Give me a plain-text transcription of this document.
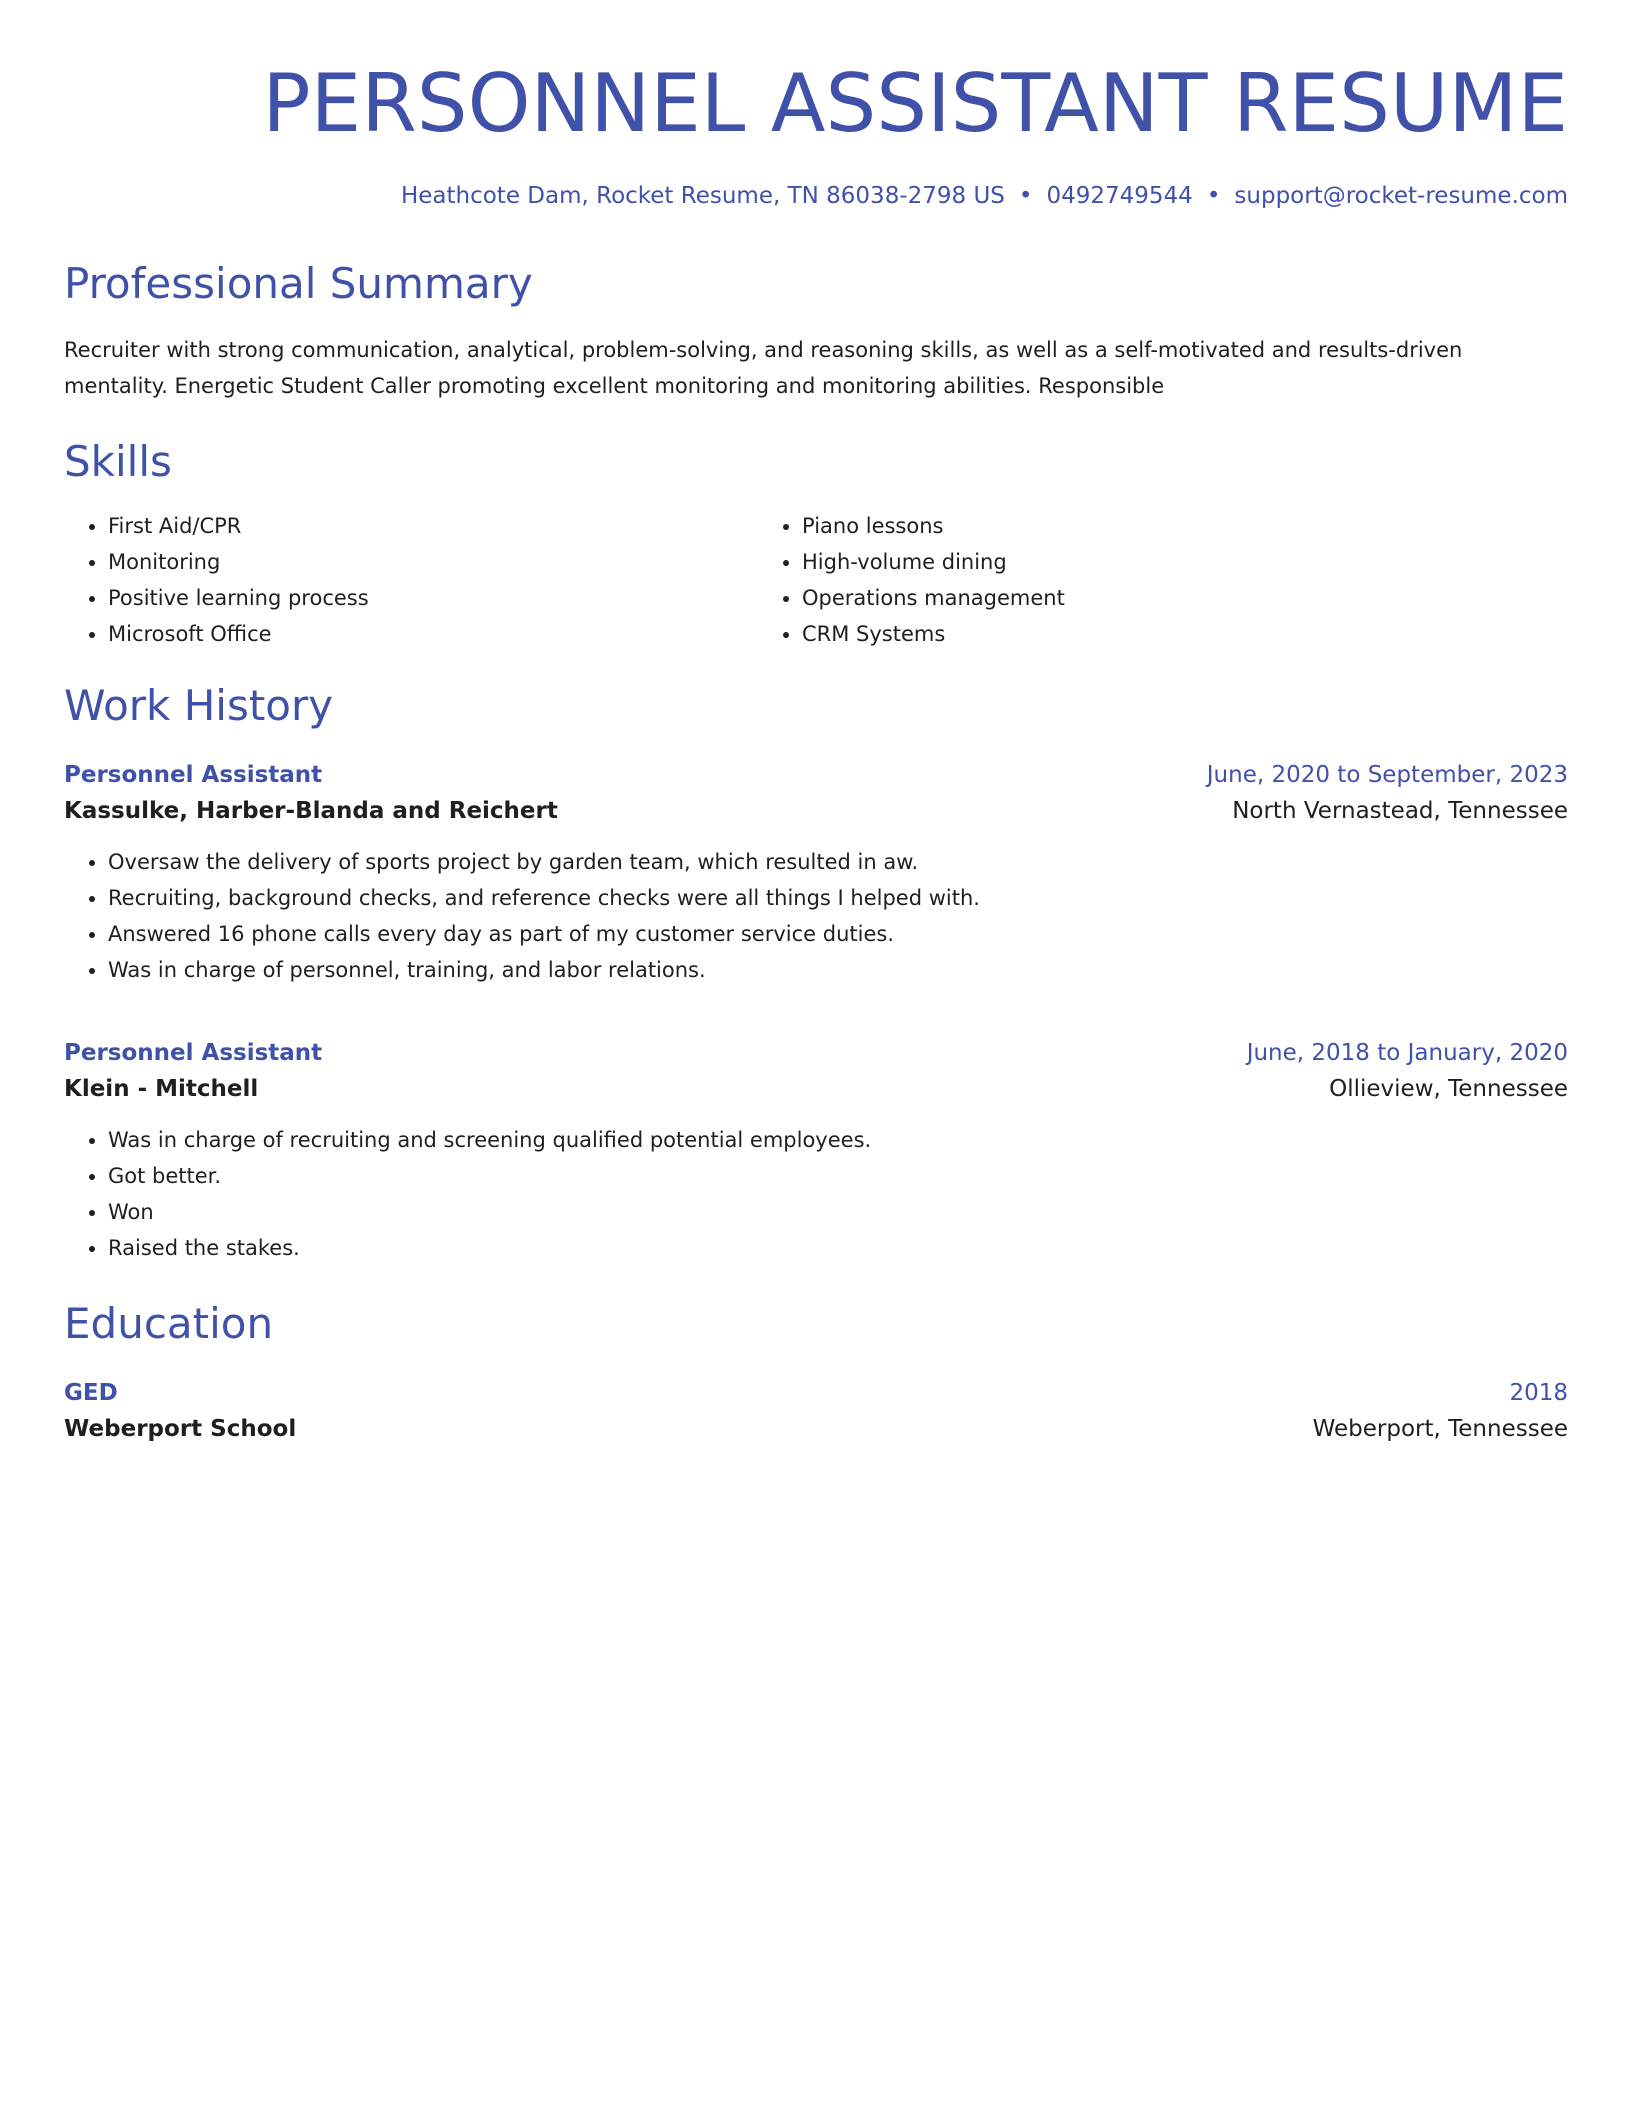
PERSONNEL ASSISTANT RESUME
Heathcote Dam, Rocket Resume, TN 86038-2798 US • 0492749544 • support@rocket-resume.com
Professional Summary
Recruiter with strong communication, analytical, problem-solving, and reasoning skills, as well as a self-motivated and results-driven mentality. Energetic Student Caller promoting excellent monitoring and monitoring abilities. Responsible
Skills
• First Aid/CPR
• Monitoring
• Positive learning process
• Microsoft Office
• Piano lessons
• High-volume dining
• Operations management
• CRM Systems
Work History
Personnel Assistant	June, 2020 to September, 2023
Kassulke, Harber-Blanda and Reichert	North Vernastead, Tennessee
• Oversaw the delivery of sports project by garden team, which resulted in aw.
• Recruiting, background checks, and reference checks were all things I helped with.
• Answered 16 phone calls every day as part of my customer service duties.
• Was in charge of personnel, training, and labor relations.
Personnel Assistant	June, 2018 to January, 2020
Klein - Mitchell	Ollieview, Tennessee
• Was in charge of recruiting and screening qualified potential employees.
• Got better.
• Won
• Raised the stakes.
Education
GED	2018
Weberport School	Weberport, Tennessee
